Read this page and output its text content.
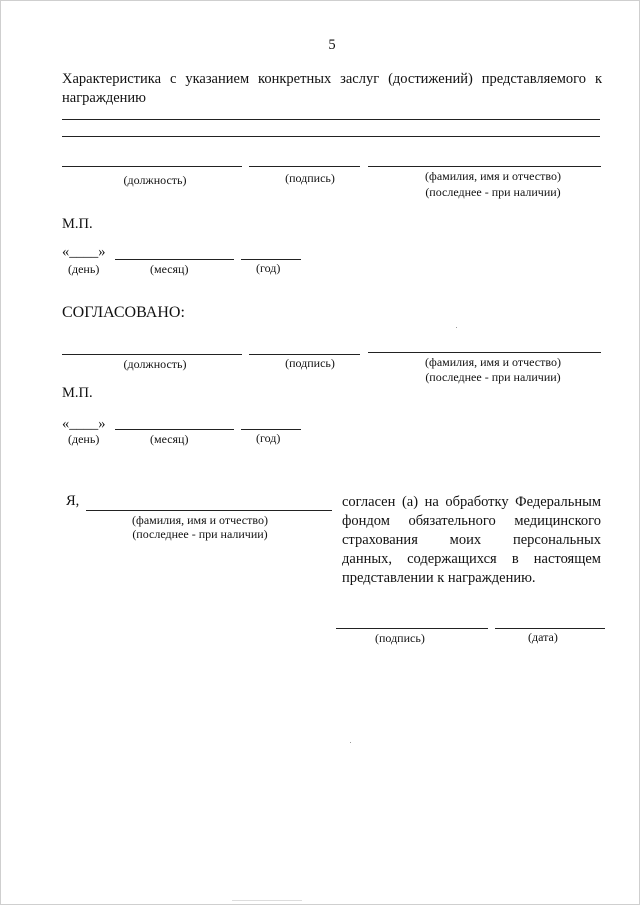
5
Характеристика с указанием конкретных заслуг (достижений) представляемого к
награждению
(должность)	(подпись)	(фамилия, имя и отчество)
(последнее - при наличии)
М.П.
«____»
(день)	(месяц)	(год)
СОГЛАСОВАНО:
(должность)	(подпись)	(фамилия, имя и отчество)
(последнее - при наличии)
М.П.
«____»
(день)	(месяц)	(год)
Я,
(фамилия, имя и отчество)
(последнее - при наличии)
согласен (а) на обработку Федеральным
фондом обязательного медицинского
страхования моих персональных
данных, содержащихся в настоящем
представлении к награждению.
(подпись)	(дата)
